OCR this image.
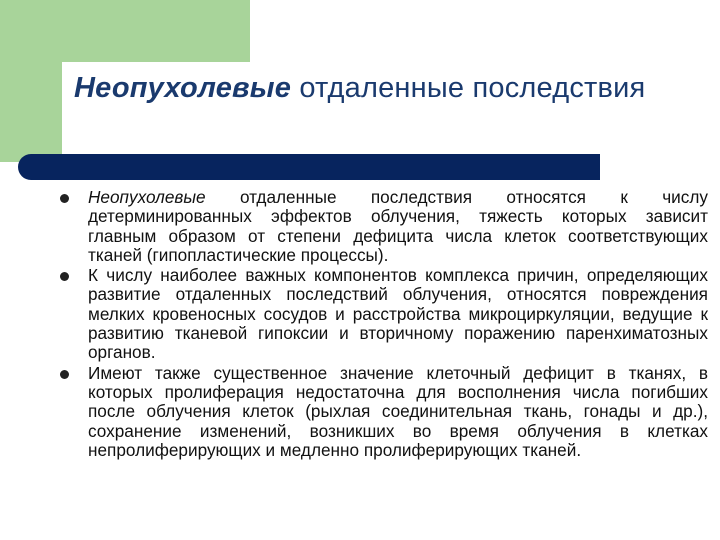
Неопухолевые отдаленные последствия
Неопухолевые отдаленные последствия относятся к числу детерминированных эффектов облучения, тяжесть которых зависит главным образом от степени дефицита числа клеток соответствующих тканей (гипопластические процессы).
К числу наиболее важных компонентов комплекса причин, определяющих развитие отдаленных последствий облучения, относятся повреждения мелких кровеносных сосудов и расстройства микроциркуляции, ведущие к развитию тканевой гипоксии и вторичному поражению паренхиматозных органов.
Имеют также существенное значение клеточный дефицит в тканях, в которых пролиферация недостаточна для восполнения числа погибших после облучения клеток (рыхлая соединительная ткань, гонады и др.), сохранение изменений, возникших во время облучения в клетках непролиферирующих и медленно пролиферирующих тканей.
